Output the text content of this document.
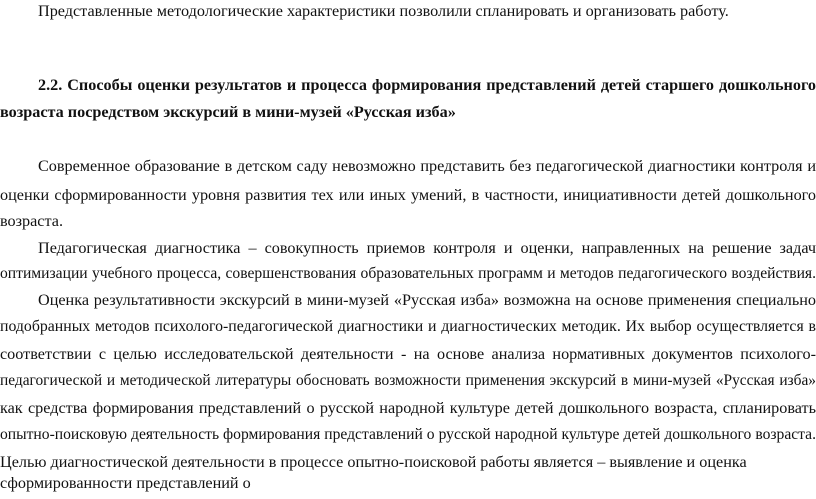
Представленные методологические характеристики позволили спланировать и организовать работу.
2.2. Способы оценки результатов и процесса формирования представлений детей старшего дошкольного
возраста посредством экскурсий в мини-музей «Русская изба»
Современное образование в детском саду невозможно представить без педагогической диагностики контроля и
оценки сформированности уровня развития тех или иных умений, в частности, инициативности детей дошкольного
возраста.
Педагогическая диагностика – совокупность приемов контроля и оценки, направленных на решение задач
оптимизации учебного процесса, совершенствования образовательных программ и методов педагогического воздействия.
Оценка результативности экскурсий в мини-музей «Русская изба» возможна на основе применения специально
подобранных методов психолого-педагогической диагностики и диагностических методик. Их выбор осуществляется в
соответствии с целью исследовательской деятельности - на основе анализа нормативных документов психолого-
педагогической и методической литературы обосновать возможности применения экскурсий в мини-музей «Русская изба»
как средства формирования представлений о русской народной культуре детей дошкольного возраста, спланировать
опытно-поисковую деятельность формирования представлений о русской народной культуре детей дошкольного возраста.
Целью диагностической деятельности в процессе опытно-поисковой работы является – выявление и оценка
сформированности представлений о
